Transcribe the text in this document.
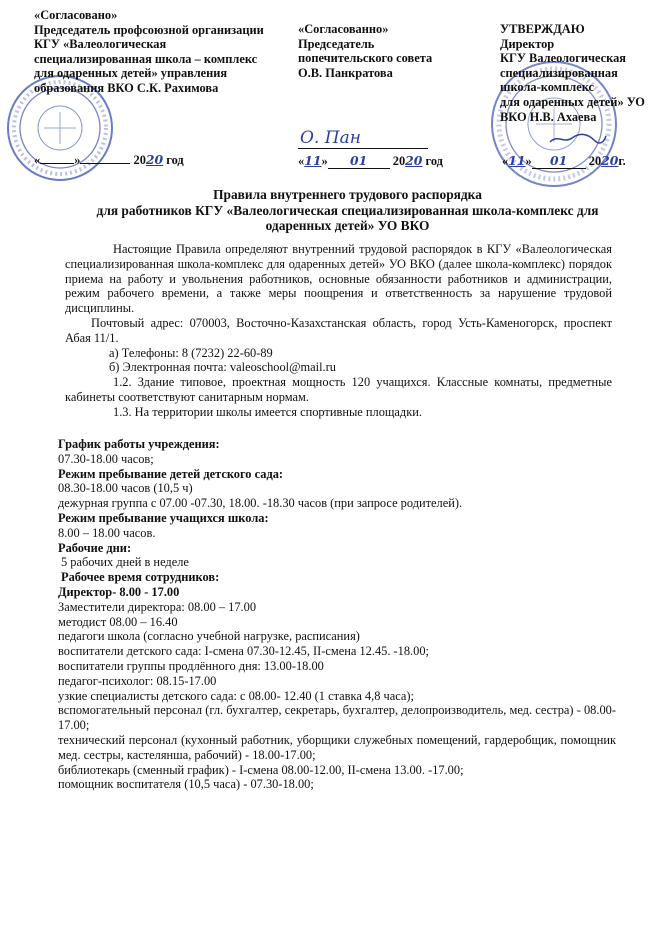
«Согласовано»
Председатель профсоюзной организации
КГУ «Валеологическая
специализированная школа – комплекс
для одаренных детей» управления
образования ВКО С.К. Рахимова
«	»	2020 год
«Согласованно»
Председатель
попечительского совета
О.В. Панкратова
О. Пан
«11» 01 2020 год
УТВЕРЖДАЮ
Директор
КГУ Валеологическая
специализированная
школа-комплекс
для одаренных детей» УО
ВКО Н.В. Ахаева
«11» 01 2020г.
Правила внутреннего трудового распорядка
для работников КГУ «Валеологическая специализированная школа-комплекс для
одаренных детей» УО ВКО
Настоящие Правила определяют внутренний трудовой распорядок в КГУ «Валеологическая специализированная школа-комплекс для одаренных детей» УО ВКО (далее школа-комплекс) порядок приема на работу и увольнения работников, основные обязанности работников и администрации, режим рабочего времени, а также меры поощрения и ответственность за нарушение трудовой дисциплины.
Почтовый адрес: 070003, Восточно-Казахстанская область, город Усть-Каменогорск, проспект Абая 11/1.
а) Телефоны: 8 (7232) 22-60-89
б) Электронная почта: valeoschool@mail.ru
1.2. Здание типовое, проектная мощность 120 учащихся. Классные комнаты, предметные кабинеты соответствуют санитарным нормам.
1.3. На территории школы имеется спортивные площадки.
График работы учреждения:
07.30-18.00 часов;
Режим пребывание детей детского сада:
08.30-18.00 часов (10,5 ч)
дежурная группа с 07.00 -07.30, 18.00. -18.30 часов (при запросе родителей).
Режим пребывание учащихся школа:
8.00 – 18.00 часов.
Рабочие дни:
5 рабочих дней в неделе
Рабочее время сотрудников:
Директор- 8.00 - 17.00
Заместители директора: 08.00 – 17.00
методист 08.00 – 16.40
педагоги школа (согласно учебной нагрузке, расписания)
воспитатели детского сада: I-смена 07.30-12.45, II-смена 12.45. -18.00;
воспитатели группы продлённого дня: 13.00-18.00
педагог-психолог: 08.15-17.00
узкие специалисты детского сада: с 08.00- 12.40 (1 ставка 4,8 часа);
вспомогательный персонал (гл. бухгалтер, секретарь, бухгалтер, делопроизводитель, мед. сестра) - 08.00-17.00;
технический персонал (кухонный работник, уборщики служебных помещений, гардеробщик, помощник мед. сестры, кастеляншa, рабочий) - 18.00-17.00;
библиотекарь (сменный график) - I-смена 08.00-12.00, II-смена 13.00. -17.00;
помощник воспитателя (10,5 часа) - 07.30-18.00;
